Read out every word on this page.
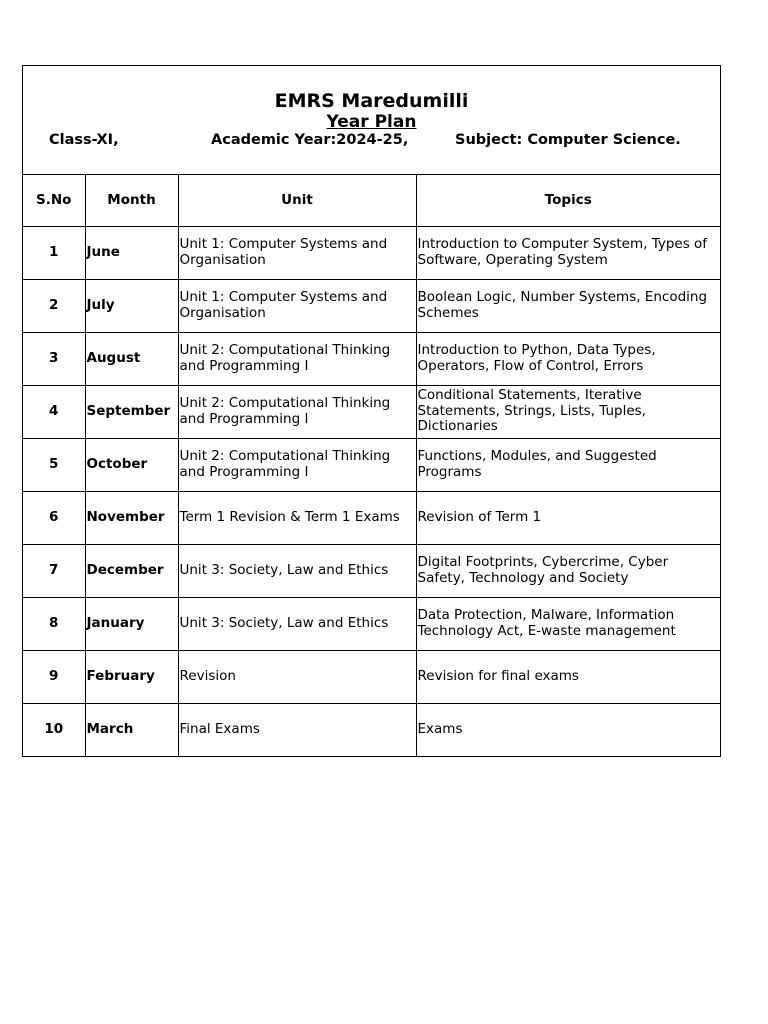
EMRS Maredumilli
Year Plan
Class-XI,	Academic Year:2024-25,	Subject: Computer Science.
S.No	Month	Unit	Topics
1	June	Unit 1: Computer Systems and Organisation	Introduction to Computer System, Types of Software, Operating System
2	July	Unit 1: Computer Systems and Organisation	Boolean Logic, Number Systems, Encoding Schemes
3	August	Unit 2: Computational Thinking and Programming I	Introduction to Python, Data Types, Operators, Flow of Control, Errors
4	September	Unit 2: Computational Thinking and Programming I	Conditional Statements, Iterative Statements, Strings, Lists, Tuples, Dictionaries
5	October	Unit 2: Computational Thinking and Programming I	Functions, Modules, and Suggested Programs
6	November	Term 1 Revision & Term 1 Exams	Revision of Term 1
7	December	Unit 3: Society, Law and Ethics	Digital Footprints, Cybercrime, Cyber Safety, Technology and Society
8	January	Unit 3: Society, Law and Ethics	Data Protection, Malware, Information Technology Act, E-waste management
9	February	Revision	Revision for final exams
10	March	Final Exams	Exams
